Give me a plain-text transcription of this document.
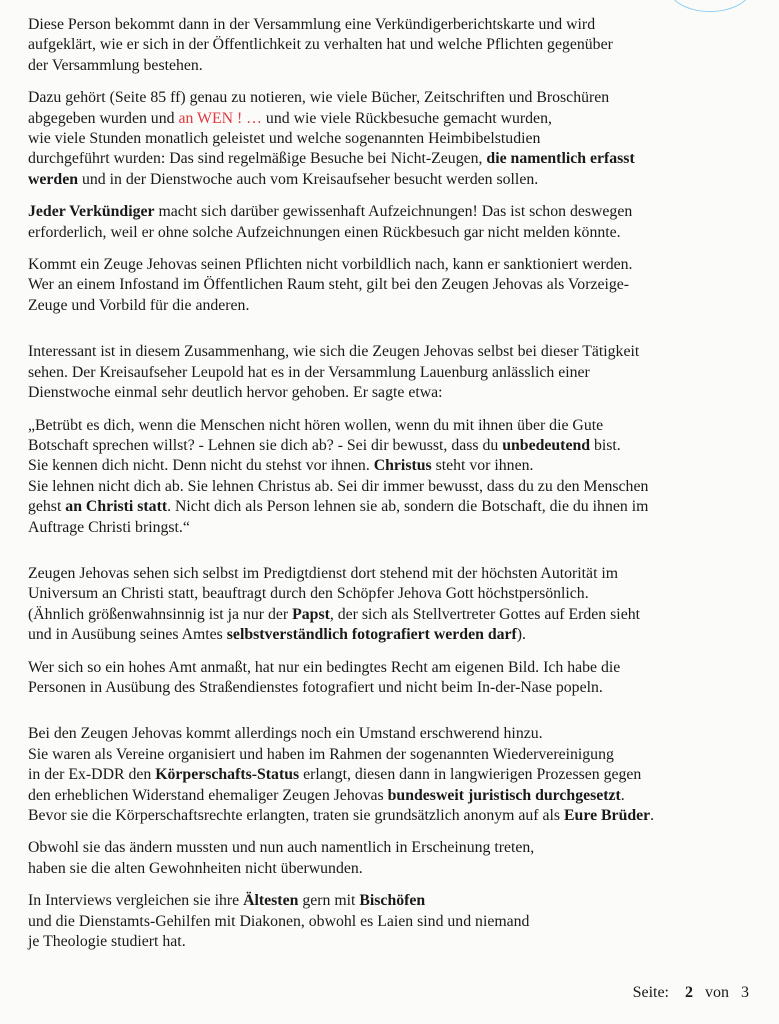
Diese Person bekommt dann in der Versammlung eine Verkündigerberichtskarte und wird
aufgeklärt, wie er sich in der Öffentlichkeit zu verhalten hat und welche Pflichten gegenüber
der Versammlung bestehen.

Dazu gehört (Seite 85 ff) genau zu notieren, wie viele Bücher, Zeitschriften und Broschüren
abgegeben wurden und an WEN ! … und wie viele Rückbesuche gemacht wurden,
wie viele Stunden monatlich geleistet und welche sogenannten Heimbibelstudien
durchgeführt wurden: Das sind regelmäßige Besuche bei Nicht-Zeugen, die namentlich erfasst
werden und in der Dienstwoche auch vom Kreisaufseher besucht werden sollen.

Jeder Verkündiger macht sich darüber gewissenhaft Aufzeichnungen! Das ist schon deswegen
erforderlich, weil er ohne solche Aufzeichnungen einen Rückbesuch gar nicht melden könnte.

Kommt ein Zeuge Jehovas seinen Pflichten nicht vorbildlich nach, kann er sanktioniert werden.
Wer an einem Infostand im Öffentlichen Raum steht, gilt bei den Zeugen Jehovas als Vorzeige-
Zeuge und Vorbild für die anderen.

Interessant ist in diesem Zusammenhang, wie sich die Zeugen Jehovas selbst bei dieser Tätigkeit
sehen. Der Kreisaufseher Leupold hat es in der Versammlung Lauenburg anlässlich einer
Dienstwoche einmal sehr deutlich hervor gehoben. Er sagte etwa:

„Betrübt es dich, wenn die Menschen nicht hören wollen, wenn du mit ihnen über die Gute
Botschaft sprechen willst? - Lehnen sie dich ab? - Sei dir bewusst, dass du unbedeutend bist.
Sie kennen dich nicht. Denn nicht du stehst vor ihnen. Christus steht vor ihnen.
Sie lehnen nicht dich ab. Sie lehnen Christus ab. Sei dir immer bewusst, dass du zu den Menschen
gehst an Christi statt. Nicht dich als Person lehnen sie ab, sondern die Botschaft, die du ihnen im
Auftrage Christi bringst.“

Zeugen Jehovas sehen sich selbst im Predigtdienst dort stehend mit der höchsten Autorität im
Universum an Christi statt, beauftragt durch den Schöpfer Jehova Gott höchstpersönlich.
(Ähnlich größenwahnsinnig ist ja nur der Papst, der sich als Stellvertreter Gottes auf Erden sieht
und in Ausübung seines Amtes selbstverständlich fotografiert werden darf).

Wer sich so ein hohes Amt anmaßt, hat nur ein bedingtes Recht am eigenen Bild. Ich habe die
Personen in Ausübung des Straßendienstes fotografiert und nicht beim In-der-Nase popeln.

Bei den Zeugen Jehovas kommt allerdings noch ein Umstand erschwerend hinzu.
Sie waren als Vereine organisiert und haben im Rahmen der sogenannten Wiedervereinigung
in der Ex-DDR den Körperschafts-Status erlangt, diesen dann in langwierigen Prozessen gegen
den erheblichen Widerstand ehemaliger Zeugen Jehovas bundesweit juristisch durchgesetzt.
Bevor sie die Körperschaftsrechte erlangten, traten sie grundsätzlich anonym auf als Eure Brüder.

Obwohl sie das ändern mussten und nun auch namentlich in Erscheinung treten,
haben sie die alten Gewohnheiten nicht überwunden.

In Interviews vergleichen sie ihre Ältesten gern mit Bischöfen
und die Dienstamts-Gehilfen mit Diakonen, obwohl es Laien sind und niemand
je Theologie studiert hat.

Seite: 2 von 3
